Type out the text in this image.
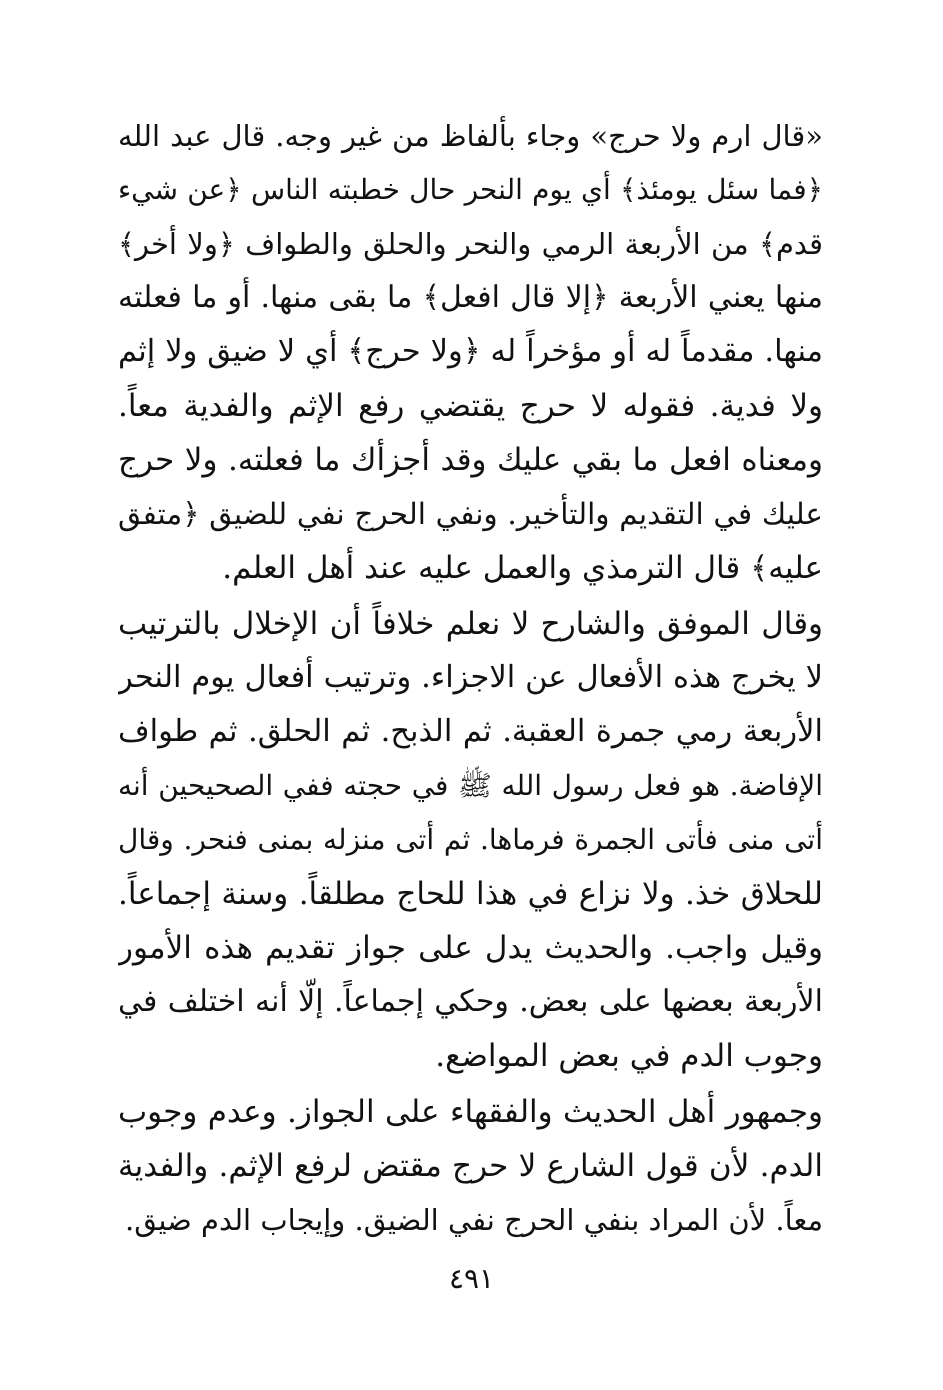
«قال ارم ولا حرج» وجاء بألفاظ من غير وجه. قال عبد الله
﴿فما سئل يومئذ﴾ أي يوم النحر حال خطبته الناس ﴿عن شيء
قدم﴾ من الأربعة الرمي والنحر والحلق والطواف ﴿ولا أخر﴾
منها يعني الأربعة ﴿إلا قال افعل﴾ ما بقى منها. أو ما فعلته
منها. مقدماً له أو مؤخراً له ﴿ولا حرج﴾ أي لا ضيق ولا إثم
ولا فدية. فقوله لا حرج يقتضي رفع الإثم والفدية معاً.
ومعناه افعل ما بقي عليك وقد أجزأك ما فعلته. ولا حرج
عليك في التقديم والتأخير. ونفي الحرج نفي للضيق ﴿متفق
عليه﴾ قال الترمذي والعمل عليه عند أهل العلم.
وقال الموفق والشارح لا نعلم خلافاً أن الإخلال بالترتيب
لا يخرج هذه الأفعال عن الاجزاء. وترتيب أفعال يوم النحر
الأربعة رمي جمرة العقبة. ثم الذبح. ثم الحلق. ثم طواف
الإفاضة. هو فعل رسول الله ﷺ في حجته ففي الصحيحين أنه
أتى منى فأتى الجمرة فرماها. ثم أتى منزله بمنى فنحر. وقال
للحلاق خذ. ولا نزاع في هذا للحاج مطلقاً. وسنة إجماعاً.
وقيل واجب. والحديث يدل على جواز تقديم هذه الأمور
الأربعة بعضها على بعض. وحكي إجماعاً. إلّا أنه اختلف في
وجوب الدم في بعض المواضع.
وجمهور أهل الحديث والفقهاء على الجواز. وعدم وجوب
الدم. لأن قول الشارع لا حرج مقتض لرفع الإثم. والفدية
معاً. لأن المراد بنفي الحرج نفي الضيق. وإيجاب الدم ضيق.
٤٩١
